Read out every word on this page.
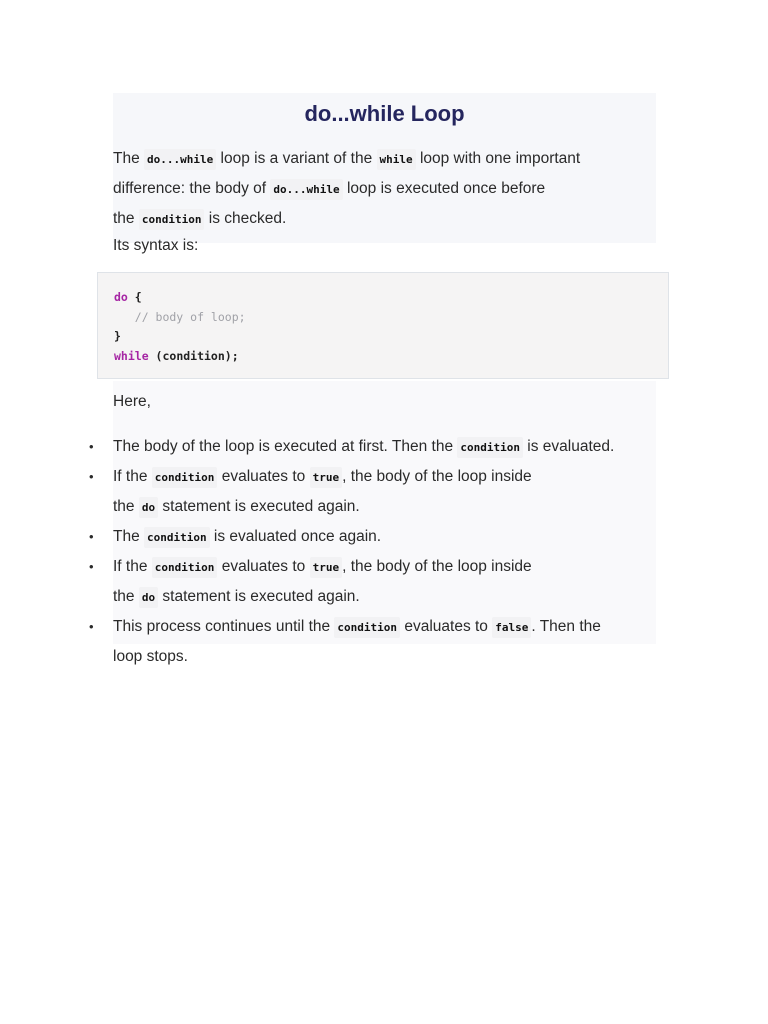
do...while Loop

The do...while loop is a variant of the while loop with one important
difference: the body of do...while loop is executed once before
the condition is checked.

Its syntax is:

do {
// body of loop;
}
while (condition);

Here,

• The body of the loop is executed at first. Then the condition is evaluated.
• If the condition evaluates to true , the body of the loop inside
the do statement is executed again.
• The condition is evaluated once again.
• If the condition evaluates to true , the body of the loop inside
the do statement is executed again.
• This process continues until the condition evaluates to false . Then the
loop stops.
